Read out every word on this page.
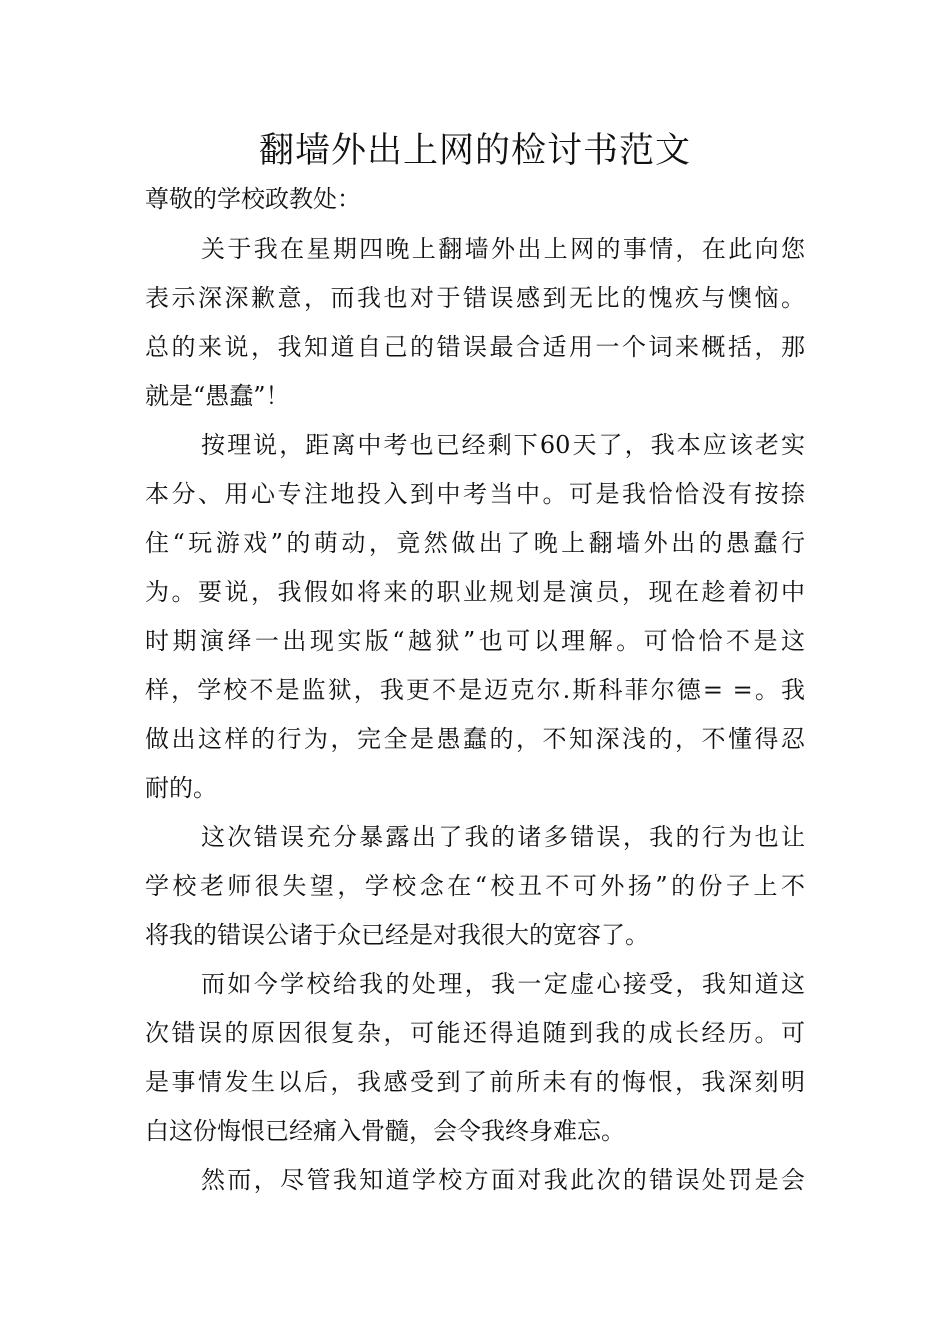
翻墙外出上网的检讨书范文

尊敬的学校政教处：

关于我在星期四晚上翻墙外出上网的事情，在此向您
表示深深歉意，而我也对于错误感到无比的愧疚与懊恼。
总的来说，我知道自己的错误最合适用一个词来概括，那
就是“愚蠢”！
按理说，距离中考也已经剩下60天了，我本应该老实
本分、用心专注地投入到中考当中。可是我恰恰没有按捺
住“玩游戏”的萌动，竟然做出了晚上翻墙外出的愚蠢行
为。要说，我假如将来的职业规划是演员，现在趁着初中
时期演绎一出现实版“越狱”也可以理解。可恰恰不是这
样，学校不是监狱，我更不是迈克尔.斯科菲尔德= =。我
做出这样的行为，完全是愚蠢的，不知深浅的，不懂得忍
耐的。
这次错误充分暴露出了我的诸多错误，我的行为也让
学校老师很失望，学校念在“校丑不可外扬”的份子上不
将我的错误公诸于众已经是对我很大的宽容了。
而如今学校给我的处理，我一定虚心接受，我知道这
次错误的原因很复杂，可能还得追随到我的成长经历。可
是事情发生以后，我感受到了前所未有的悔恨，我深刻明
白这份悔恨已经痛入骨髓，会令我终身难忘。
然而，尽管我知道学校方面对我此次的错误处罚是会
